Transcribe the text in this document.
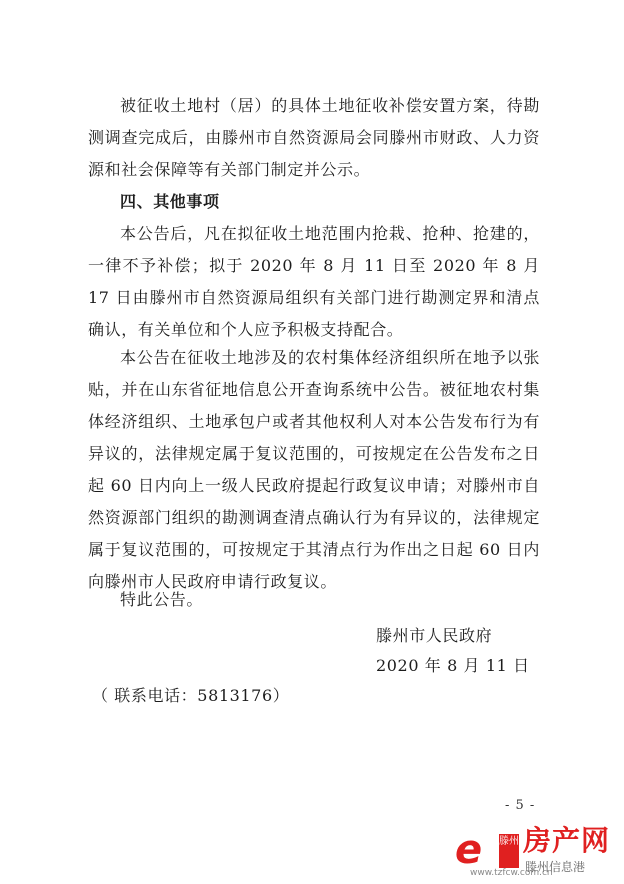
被征收土地村（居）的具体土地征收补偿安置方案，待勘测调查完成后，由滕州市自然资源局会同滕州市财政、人力资源和社会保障等有关部门制定并公示。

四、其他事项

本公告后，凡在拟征收土地范围内抢栽、抢种、抢建的，一律不予补偿；拟于 2020 年 8 月 11 日至 2020 年 8 月 17 日由滕州市自然资源局组织有关部门进行勘测定界和清点确认，有关单位和个人应予积极支持配合。

本公告在征收土地涉及的农村集体经济组织所在地予以张贴，并在山东省征地信息公开查询系统中公告。被征地农村集体经济组织、土地承包户或者其他权利人对本公告发布行为有异议的，法律规定属于复议范围的，可按规定在公告发布之日起 60 日内向上一级人民政府提起行政复议申请；对滕州市自然资源部门组织的勘测调查清点确认行为有异议的，法律规定属于复议范围的，可按规定于其清点行为作出之日起 60 日内向滕州市人民政府申请行政复议。

特此公告。

滕州市人民政府

2020 年 8 月 11 日

（ 联系电话：5813176）

- 5 -
e 滕州 房产网
滕州信息港
www.tzfcw.com.cn
